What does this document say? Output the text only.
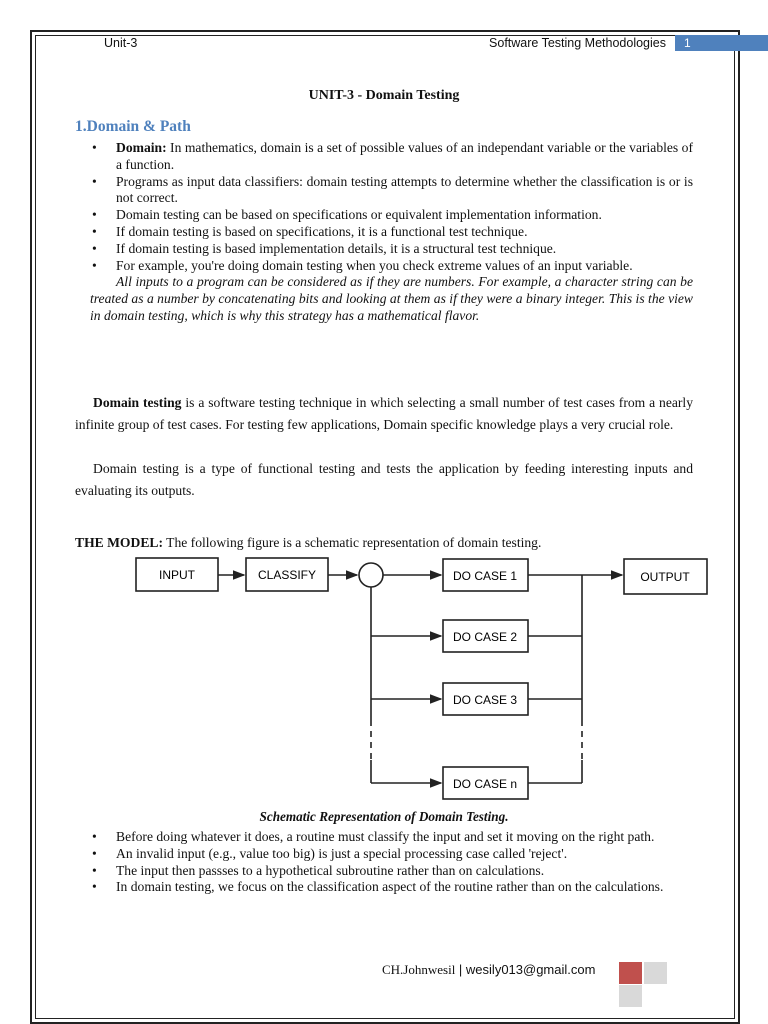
Unit-3	Software Testing Methodologies	1
UNIT-3 - Domain Testing
1.Domain & Path
• Domain: In mathematics, domain is a set of possible values of an independant variable or the variables of a function.
• Programs as input data classifiers: domain testing attempts to determine whether the classification is or is not correct.
• Domain testing can be based on specifications or equivalent implementation information.
• If domain testing is based on specifications, it is a functional test technique.
• If domain testing is based implementation details, it is a structural test technique.
• For example, you're doing domain testing when you check extreme values of an input variable.

All inputs to a program can be considered as if they are numbers. For example, a character string can be treated as a number by concatenating bits and looking at them as if they were a binary integer. This is the view in domain testing, which is why this strategy has a mathematical flavor.

Domain testing is a software testing technique in which selecting a small number of test cases from a nearly infinite group of test cases. For testing few applications, Domain specific knowledge plays a very crucial role.

Domain testing is a type of functional testing and tests the application by feeding interesting inputs and evaluating its outputs.

THE MODEL: The following figure is a schematic representation of domain testing.
INPUT	CLASSIFY	DO CASE 1
DO CASE 2
DO CASE 3
DO CASE n
OUTPUT
Schematic Representation of Domain Testing.
• Before doing whatever it does, a routine must classify the input and set it moving on the right path.
• An invalid input (e.g., value too big) is just a special processing case called 'reject'.
• The input then passses to a hypothetical subroutine rather than on calculations.
• In domain testing, we focus on the classification aspect of the routine rather than on the calculations.
CH.Johnwesil | wesily013@gmail.com
